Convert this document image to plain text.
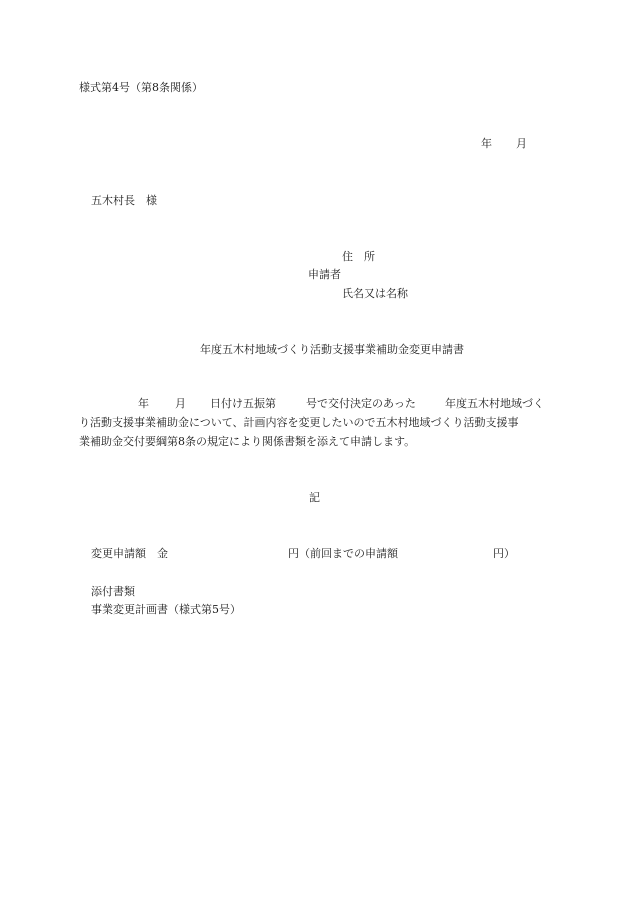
様式第4号（第8条関係）
年 月
五木村長　様
住　所
申請者
氏名又は名称
年度五木村地域づくり活動支援事業補助金変更申請書
年 月 日付け五振第	号で交付決定のあった	年度五木村地域づく
り活動支援事業補助金について、計画内容を変更したいので五木村地域づくり活動支援事
業補助金交付要綱第8条の規定により関係書類を添えて申請します。
記
変更申請額　金	円（前回までの申請額	円）
添付書類
事業変更計画書（様式第5号）
